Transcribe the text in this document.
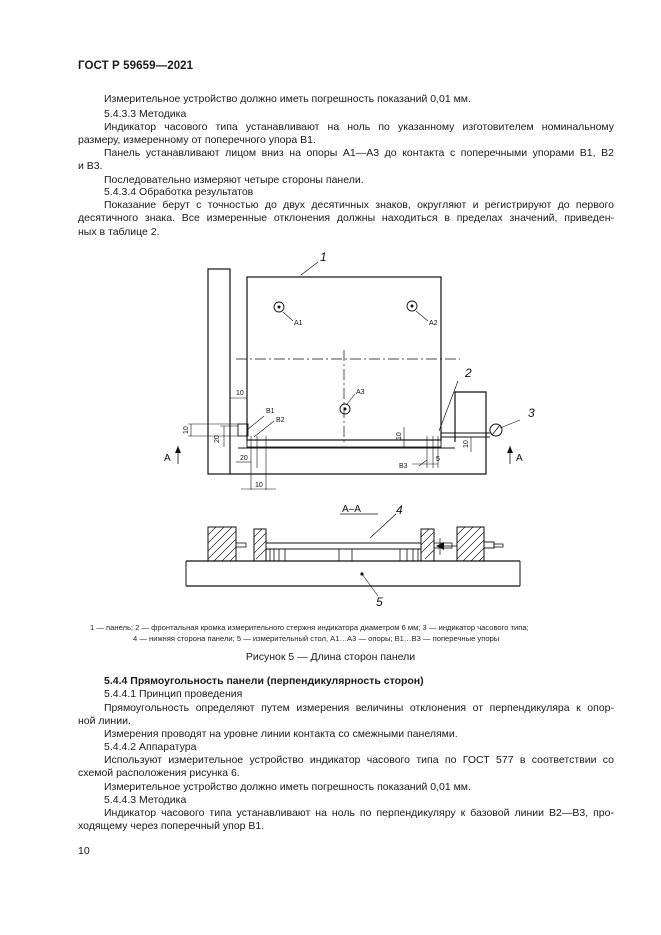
ГОСТ Р 59659—2021
Измерительное устройство должно иметь погрешность показаний 0,01 мм.
5.4.3.3 Методика
Индикатор часового типа устанавливают на ноль по указанному изготовителем номинальному
размеру, измеренному от поперечного упора В1.
Панель устанавливают лицом вниз на опоры А1—А3 до контакта с поперечными упорами В1, В2
и В3.
Последовательно измеряют четыре стороны панели.
5.4.3.4 Обработка результатов
Показание берут с точностью до двух десятичных знаков, округляют и регистрируют до первого
десятичного знака. Все измеренные отклонения должны находиться в пределах значений, приведен-
ных в таблице 2.
1
2
3
4
5
А1	А2
А3
В1
В2
В3
10
10
20	10
10
20
10
5
А	А
А–А
1 — панель; 2 — фронтальная кромка измерительного стержня индикатора диаметром 6 мм; 3 — индикатор часового типа;
4 — нижняя сторона панели; 5 — измерительный стол, А1…А3 — опоры; В1…В3 — поперечные упоры
Рисунок 5 — Длина сторон панели
5.4.4 Прямоугольность панели (перпендикулярность сторон)
5.4.4.1 Принцип проведения
Прямоугольность определяют путем измерения величины отклонения от перпендикуляра к опор-
ной линии.
Измерения проводят на уровне линии контакта со смежными панелями.
5.4.4.2 Аппаратура
Используют измерительное устройство индикатор часового типа по ГОСТ 577 в соответствии со
схемой расположения рисунка 6.
Измерительное устройство должно иметь погрешность показаний 0,01 мм.
5.4.4.3 Методика
Индикатор часового типа устанавливают на ноль по перпендикуляру к базовой линии В2—В3, про-
ходящему через поперечный упор В1.
10
